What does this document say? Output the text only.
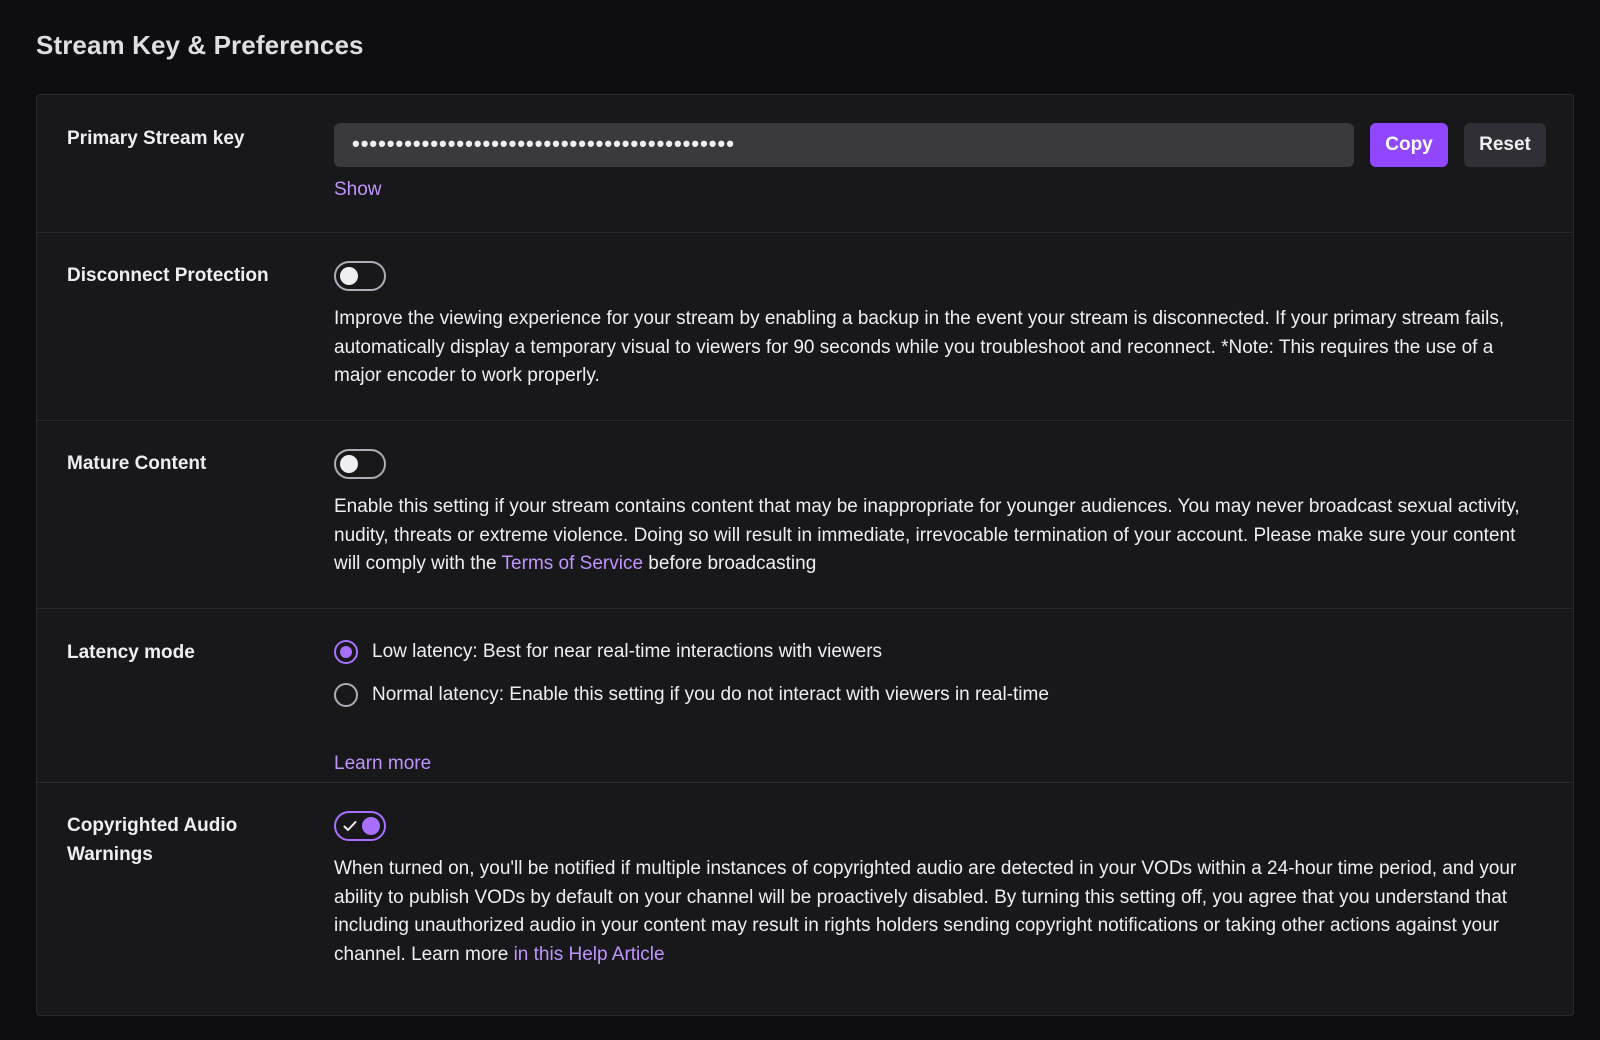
Stream Key & Preferences
Primary Stream key	••••••••••••••••••••••••••••••••••••••••••••	Copy	Reset
Show
Disconnect Protection

Improve the viewing experience for your stream by enabling a backup in the event your stream is disconnected. If your primary stream fails, automatically display a temporary visual to viewers for 90 seconds while you troubleshoot and reconnect. *Note: This requires the use of a major encoder to work properly.

Mature Content

Enable this setting if your stream contains content that may be inappropriate for younger audiences. You may never broadcast sexual activity, nudity, threats or extreme violence. Doing so will result in immediate, irrevocable termination of your account. Please make sure your content will comply with the Terms of Service before broadcasting

Latency mode	Low latency: Best for near real-time interactions with viewers
Normal latency: Enable this setting if you do not interact with viewers in real-time
Learn more
Copyrighted Audio Warnings

When turned on, you'll be notified if multiple instances of copyrighted audio are detected in your VODs within a 24-hour time period, and your ability to publish VODs by default on your channel will be proactively disabled. By turning this setting off, you agree that you understand that including unauthorized audio in your content may result in rights holders sending copyright notifications or taking other actions against your channel. Learn more in this Help Article
